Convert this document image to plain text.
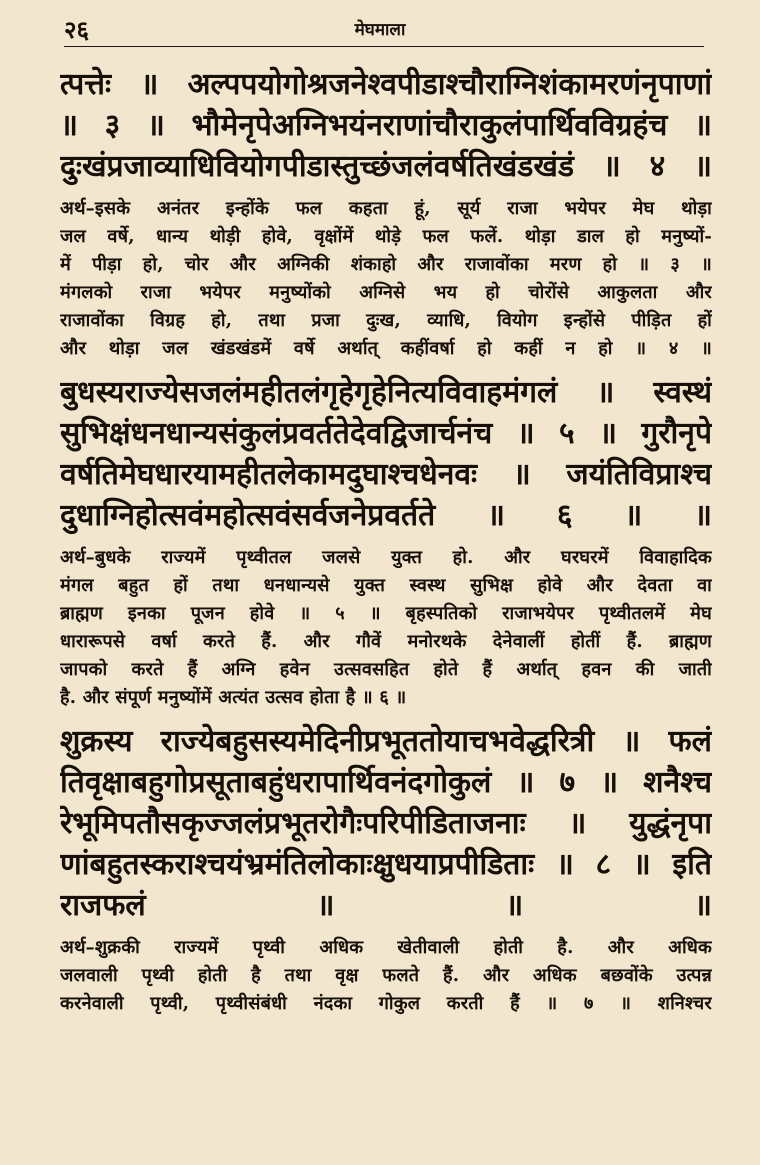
२६	मेघमाला
त्पत्तेः ॥ अल्पपयोगोश्रजनेश्वपीडाश्चौराग्निशंकामरणंनृपाणां
॥ ३ ॥ भौमेनृपेअग्निभयंनराणांचौराकुलंपार्थिवविग्रहंच ॥
दुःखंप्रजाव्याधिवियोगपीडास्तुच्छंजलंवर्षतिखंडखंडं ॥ ४ ॥
अर्थ–इसके अनंतर इन्होंके फल कहता हूं, सूर्य राजा भयेपर मेघ थोड़ा
जल वर्षे, धान्य थोड़ी होवे, वृक्षोंमें थोड़े फल फलें. थोड़ा डाल हो मनुष्यों-
में पीड़ा हो, चोर और अग्निकी शंकाहो और राजावोंका मरण हो ॥ ३ ॥
मंगलको राजा भयेपर मनुष्योंको अग्निसे भय हो चोरोंसे आकुलता और
राजावोंका विग्रह हो, तथा प्रजा दुःख, व्याधि, वियोग इन्होंसे पीड़ित हों
और थोड़ा जल खंडखंडमें वर्षे अर्थात् कहींवर्षा हो कहीं न हो ॥ ४ ॥
बुधस्यराज्येसजलंमहीतलंगृहेगृहेनित्यविवाहमंगलं ॥ स्वस्थं
सुभिक्षंधनधान्यसंकुलंप्रवर्ततेदेवद्विजार्चनंच ॥ ५ ॥ गुरौनृपे
वर्षतिमेघधारयामहीतलेकामदुघाश्चधेनवः ॥ जयंतिविप्राश्च
दुधाग्निहोत्सवंमहोत्सवंसर्वजनेप्रवर्तते ॥ ६ ॥ ॥
अर्थ–बुधके राज्यमें पृथ्वीतल जलसे युक्त हो. और घरघरमें विवाहादिक
मंगल बहुत हों तथा धनधान्यसे युक्त स्वस्थ सुभिक्ष होवे और देवता वा
ब्राह्मण इनका पूजन होवे ॥ ५ ॥ बृहस्पतिको राजाभयेपर पृथ्वीतलमें मेघ
धारारूपसे वर्षा करते हैं. और गौवें मनोरथके देनेवालीं होतीं हैं. ब्राह्मण
जापको करते हैं अग्नि हवेन उत्सवसहित होते हैं अर्थात् हवन की जाती
है. और संपूर्ण मनुष्योंमें अत्यंत उत्सव होता है ॥ ६ ॥
शुक्रस्य राज्येबहुसस्यमेदिनीप्रभूततोयाचभवेद्धरित्री ॥ फलं
तिवृक्षाबहुगोप्रसूताबहुंधरापार्थिवनंदगोकुलं ॥ ७ ॥ शनैश्च
रेभूमिपतौसकृज्जलंप्रभूतरोगैःपरिपीडिताजनाः ॥ युद्धंनृपा
णांबहुतस्कराश्चयंभ्रमंतिलोकाःक्षुधयाप्रपीडिताः ॥ ८ ॥ इति
राजफलं ॥ ॥ ॥
अर्थ–शुक्रकी राज्यमें पृथ्वी अधिक खेतीवाली होती है. और अधिक
जलवाली पृथ्वी होती है तथा वृक्ष फलते हैं. और अधिक बछवोंके उत्पन्न
करनेवाली पृथ्वी, पृथ्वीसंबंधी नंदका गोकुल करती हैं ॥ ७ ॥ शनिश्चर
